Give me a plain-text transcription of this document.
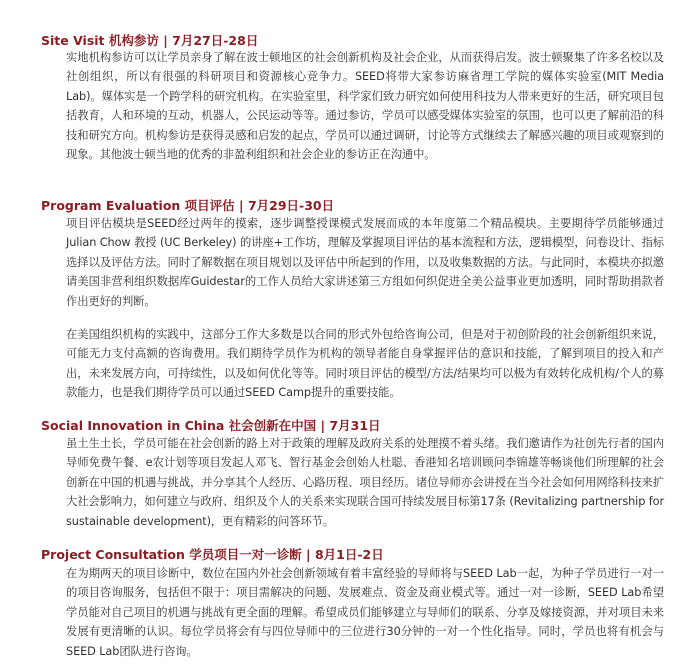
Site Visit 机构参访 | 7月27日-28日

实地机构参访可以让学员亲身了解在波士顿地区的社会创新机构及社会企业，从而获得启发。波士顿聚集了许多名校以及社创组织，所以有很强的科研项目和资源核心竞争力。SEED将带大家参访麻省理工学院的媒体实验室(MIT Media Lab)。媒体实是一个跨学科的研究机构。在实验室里，科学家们致力研究如何使用科技为人带来更好的生活，研究项目包括教育，人和环境的互动，机器人，公民运动等等。通过参访，学员可以感受媒体实验室的氛围，也可以更了解前沿的科技和研究方向。机构参访是获得灵感和启发的起点，学员可以通过调研，讨论等方式继续去了解感兴趣的项目或观察到的现象。其他波士顿当地的优秀的非盈利组织和社会企业的参访正在沟通中。

Program Evaluation 项目评估 | 7月29日-30日

项目评估模块是SEED经过两年的摸索，逐步调整授课模式发展而成的本年度第二个精品模块。主要期待学员能够通过Julian Chow 教授 (UC Berkeley) 的讲座+工作坊，理解及掌握项目评估的基本流程和方法，逻辑模型，问卷设计、指标选择以及评估方法。同时了解数据在项目规划以及评估中所起到的作用，以及收集数据的方法。与此同时，本模块亦拟邀请美国非营利组织数据库Guidestar的工作人员给大家讲述第三方组如何织促进全美公益事业更加透明，同时帮助捐款者作出更好的判断。

在美国组织机构的实践中，这部分工作大多数是以合同的形式外包给咨询公司，但是对于初创阶段的社会创新组织来说，可能无力支付高额的咨询费用。我们期待学员作为机构的领导者能自身掌握评估的意识和技能，了解到项目的投入和产出，未来发展方向，可持续性，以及如何优化等等。同时项目评估的模型/方法/结果均可以极为有效转化成机构/个人的募款能力，也是我们期待学员可以通过SEED Camp提升的重要技能。

Social Innovation in China 社会创新在中国 | 7月31日

虽土生土长，学员可能在社会创新的路上对于政策的理解及政府关系的处理摸不着头绪。我们邀请作为社创先行者的国内导师免费午餐、e农计划等项目发起人邓飞、智行基金会创始人杜聪、香港知名培训顾问李锦雄等畅谈他们所理解的社会创新在中国的机遇与挑战，并分享其个人经历、心路历程、项目经历。诸位导师亦会讲授在当今社会如何用网络科技来扩大社会影响力，如何建立与政府、组织及个人的关系来实现联合国可持续发展目标第17条 (Revitalizing partnership for sustainable development)，更有精彩的问答环节。

Project Consultation 学员项目一对一诊断 | 8月1日-2日

在为期两天的项目诊断中，数位在国内外社会创新领域有着丰富经验的导师将与SEED Lab一起，为种子学员进行一对一的项目咨询服务，包括但不限于：项目需解决的问题、发展难点、资金及商业模式等。通过一对一诊断，SEED Lab希望学员能对自己项目的机遇与挑战有更全面的理解。希望成员们能够建立与导师们的联系、分享及嫁接资源，并对项目未来发展有更清晰的认识。每位学员将会有与四位导师中的三位进行30分钟的一对一个性化指导。同时，学员也将有机会与SEED Lab团队进行咨询。
